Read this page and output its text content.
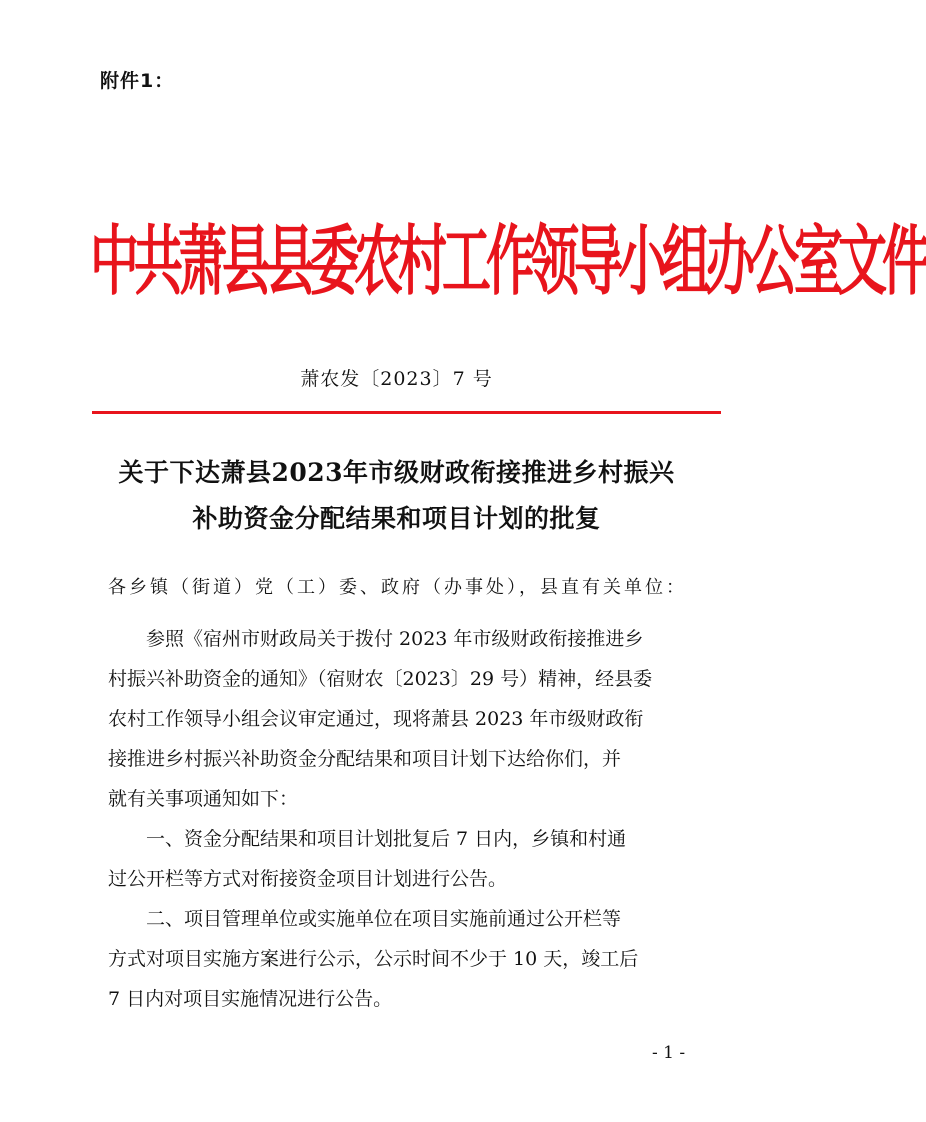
附件1：
中共萧县县委农村工作领导小组办公室文件
萧农发〔2023〕7 号
关于下达萧县2023年市级财政衔接推进乡村振兴
补助资金分配结果和项目计划的批复
各乡镇（街道）党（工）委、政府（办事处），县直有关单位：
参照《宿州市财政局关于拨付 2023 年市级财政衔接推进乡
村振兴补助资金的通知》（宿财农〔2023〕29 号）精神，经县委
农村工作领导小组会议审定通过，现将萧县 2023 年市级财政衔
接推进乡村振兴补助资金分配结果和项目计划下达给你们，并
就有关事项通知如下：
一、资金分配结果和项目计划批复后 7 日内，乡镇和村通
过公开栏等方式对衔接资金项目计划进行公告。
二、项目管理单位或实施单位在项目实施前通过公开栏等
方式对项目实施方案进行公示，公示时间不少于 10 天，竣工后
7 日内对项目实施情况进行公告。
- 1 -
